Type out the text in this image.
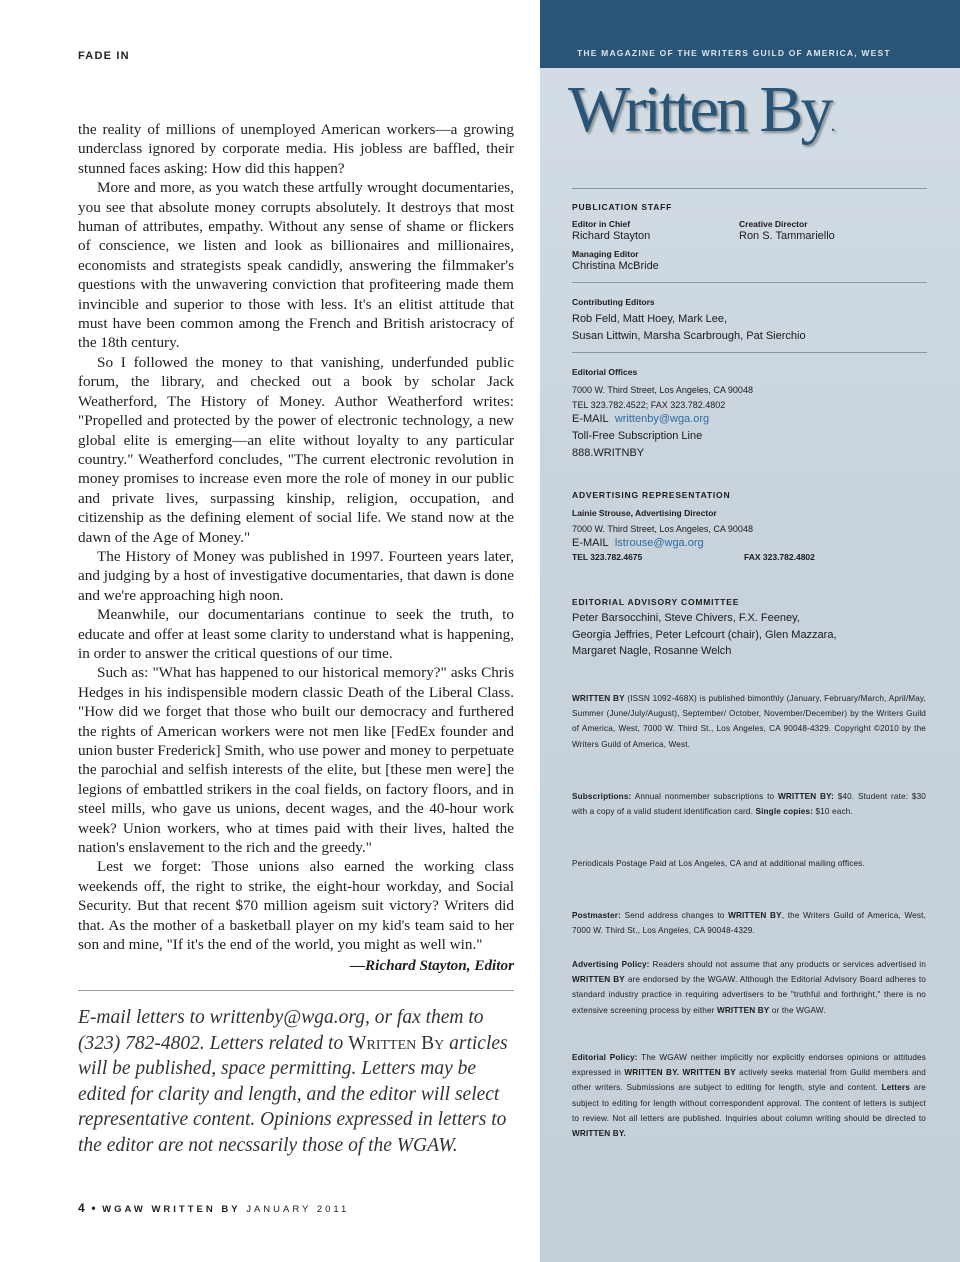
FADE IN

the reality of millions of unemployed American workers—a growing underclass ignored by corporate media. His jobless are baffled, their stunned faces asking: How did this happen?

More and more, as you watch these artfully wrought documentaries, you see that absolute money corrupts absolutely. It destroys that most human of attributes, empathy. Without any sense of shame or flickers of conscience, we listen and look as billionaires and millionaires, economists and strategists speak candidly, answering the filmmaker's questions with the unwavering conviction that profiteering made them invincible and superior to those with less. It's an elitist attitude that must have been common among the French and British aristocracy of the 18th century.

So I followed the money to that vanishing, underfunded public forum, the library, and checked out a book by scholar Jack Weatherford, The History of Money. Author Weatherford writes: "Propelled and protected by the power of electronic technology, a new global elite is emerging—an elite without loyalty to any particular country." Weatherford concludes, "The current electronic revolution in money promises to increase even more the role of money in our public and private lives, surpassing kinship, religion, occupation, and citizenship as the defining element of social life. We stand now at the dawn of the Age of Money."

The History of Money was published in 1997. Fourteen years later, and judging by a host of investigative documentaries, that dawn is done and we're approaching high noon.

Meanwhile, our documentarians continue to seek the truth, to educate and offer at least some clarity to understand what is happening, in order to answer the critical questions of our time.

Such as: "What has happened to our historical memory?" asks Chris Hedges in his indispensible modern classic Death of the Liberal Class. "How did we forget that those who built our democracy and furthered the rights of American workers were not men like [FedEx founder and union buster Frederick] Smith, who use power and money to perpetuate the parochial and selfish interests of the elite, but [these men were] the legions of embattled strikers in the coal fields, on factory floors, and in steel mills, who gave us unions, decent wages, and the 40-hour work week? Union workers, who at times paid with their lives, halted the nation's enslavement to the rich and the greedy."

Lest we forget: Those unions also earned the working class weekends off, the right to strike, the eight-hour workday, and Social Security. But that recent $70 million ageism suit victory? Writers did that. As the mother of a basketball player on my kid's team said to her son and mine, "If it's the end of the world, you might as well win."

—Richard Stayton, Editor
E-mail letters to writtenby@wga.org, or fax them to (323) 782-4802. Letters related to Written By articles will be published, space permitting. Letters may be edited for clarity and length, and the editor will select representative content. Opinions expressed in letters to the editor are not necssarily those of the WGAW.
4 • WGAW WRITTEN BY JANUARY 2011
THE MAGAZINE OF THE WRITERS GUILD OF AMERICA, WEST
Written By.
PUBLICATION STAFF
Editor in Chief
Richard Stayton
Creative Director
Ron S. Tammariello
Managing Editor
Christina McBride
Contributing Editors
Rob Feld, Matt Hoey, Mark Lee,
Susan Littwin, Marsha Scarbrough, Pat Sierchio
Editorial Offices
7000 W. Third Street, Los Angeles, CA 90048
TEL 323.782.4522; FAX 323.782.4802
E-MAIL writtenby@wga.org
Toll-Free Subscription Line
888.WRITNBY
ADVERTISING REPRESENTATION
Lainie Strouse, Advertising Director
7000 W. Third Street, Los Angeles, CA 90048
E-MAIL lstrouse@wga.org
TEL 323.782.4675	FAX 323.782.4802
EDITORIAL ADVISORY COMMITTEE
Peter Barsocchini, Steve Chivers, F.X. Feeney,
Georgia Jeffries, Peter Lefcourt (chair), Glen Mazzara,
Margaret Nagle, Rosanne Welch
WRITTEN BY (ISSN 1092-468X) is published bimonthly (January, February/March, April/May, Summer (June/July/August), September/ October, November/December) by the Writers Guild of America, West, 7000 W. Third St., Los Angeles, CA 90048-4329. Copyright ©2010 by the Writers Guild of America, West.
Subscriptions: Annual nonmember subscriptions to WRITTEN BY: $40. Student rate: $30 with a copy of a valid student identification card. Single copies: $10 each.
Periodicals Postage Paid at Los Angeles, CA and at additional mailing offices.
Postmaster: Send address changes to WRITTEN BY, the Writers Guild of America, West, 7000 W. Third St., Los Angeles, CA 90048-4329.
Advertising Policy: Readers should not assume that any products or services advertised in WRITTEN BY are endorsed by the WGAW. Although the Editorial Advisory Board adheres to standard industry practice in requiring advertisers to be "truthful and forthright," there is no extensive screening process by either WRITTEN BY or the WGAW.
Editorial Policy: The WGAW neither implicitly nor explicitly endorses opinions or attitudes expressed in WRITTEN BY. WRITTEN BY actively seeks material from Guild members and other writers. Submissions are subject to editing for length, style and content. Letters are subject to editing for length without correspondent approval. The content of letters is subject to review. Not all letters are published. Inquiries about column writing should be directed to WRITTEN BY.
